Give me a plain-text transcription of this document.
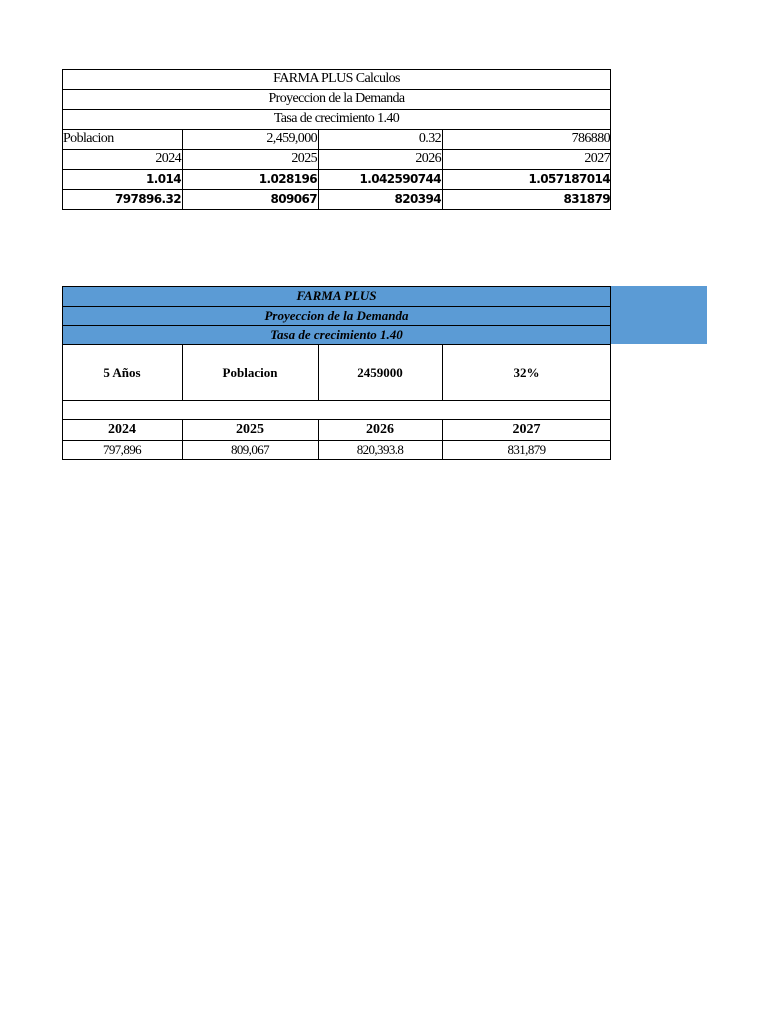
FARMA PLUS Calculos
Proyeccion de la Demanda
Tasa de crecimiento 1.40
Poblacion	2,459,000	0.32	786880
2024	2025	2026	2027
1.014	1.028196	1.042590744	1.057187014
797896.32	809067	820394	831879
FARMA PLUS
Proyeccion de la Demanda
Tasa de crecimiento 1.40
5 Años	Poblacion	2459000	32%
2024	2025	2026	2027
797,896	809,067	820,393.8	831,879
